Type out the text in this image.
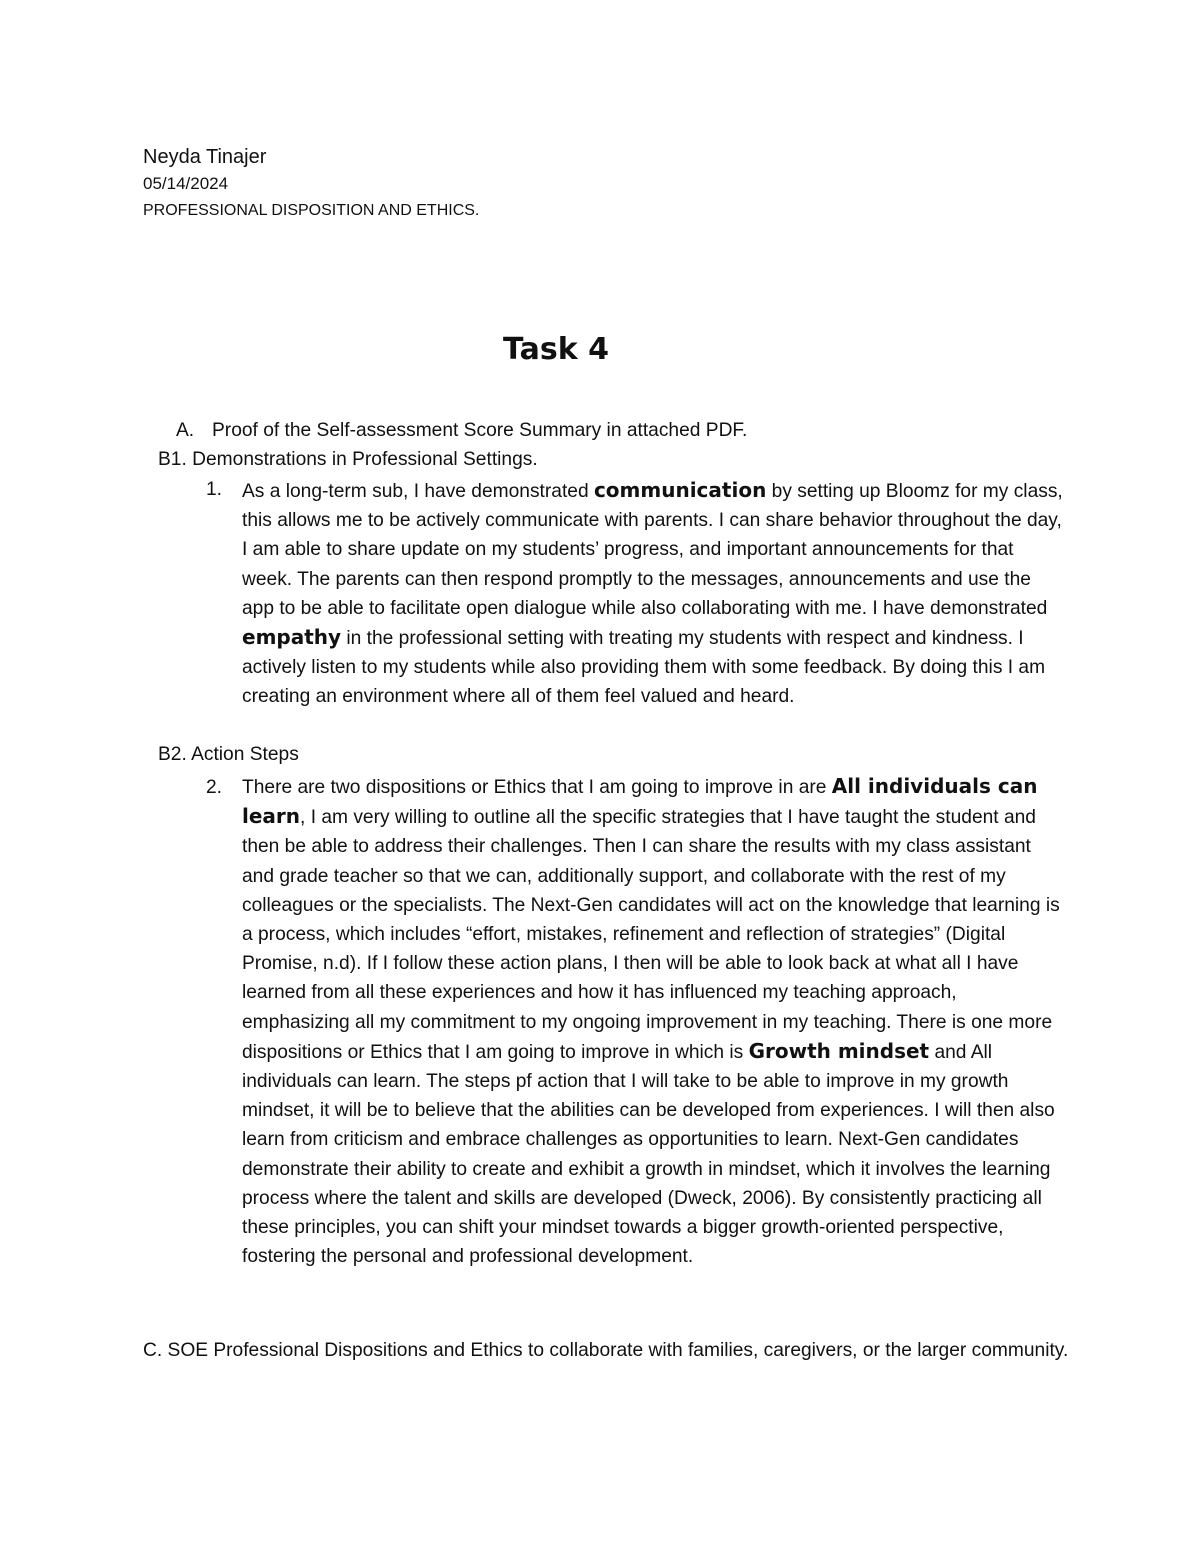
Neyda Tinajer
05/14/2024
PROFESSIONAL DISPOSITION AND ETHICS.
Task 4
A. Proof of the Self-assessment Score Summary in attached PDF.
B1. Demonstrations in Professional Settings.
1. As a long-term sub, I have demonstrated communication by setting up Bloomz for my class, this allows me to be actively communicate with parents. I can share behavior throughout the day, I am able to share update on my students’ progress, and important announcements for that week. The parents can then respond promptly to the messages, announcements and use the app to be able to facilitate open dialogue while also collaborating with me. I have demonstrated empathy in the professional setting with treating my students with respect and kindness. I actively listen to my students while also providing them with some feedback. By doing this I am creating an environment where all of them feel valued and heard.
B2. Action Steps
2. There are two dispositions or Ethics that I am going to improve in are All individuals can learn, I am very willing to outline all the specific strategies that I have taught the student and then be able to address their challenges. Then I can share the results with my class assistant and grade teacher so that we can, additionally support, and collaborate with the rest of my colleagues or the specialists. The Next-Gen candidates will act on the knowledge that learning is a process, which includes “effort, mistakes, refinement and reflection of strategies” (Digital Promise, n.d). If I follow these action plans, I then will be able to look back at what all I have learned from all these experiences and how it has influenced my teaching approach, emphasizing all my commitment to my ongoing improvement in my teaching. There is one more dispositions or Ethics that I am going to improve in which is Growth mindset and All individuals can learn. The steps pf action that I will take to be able to improve in my growth mindset, it will be to believe that the abilities can be developed from experiences. I will then also learn from criticism and embrace challenges as opportunities to learn. Next-Gen candidates demonstrate their ability to create and exhibit a growth in mindset, which it involves the learning process where the talent and skills are developed (Dweck, 2006). By consistently practicing all these principles, you can shift your mindset towards a bigger growth-oriented perspective, fostering the personal and professional development.
C. SOE Professional Dispositions and Ethics to collaborate with families, caregivers, or the larger community.
